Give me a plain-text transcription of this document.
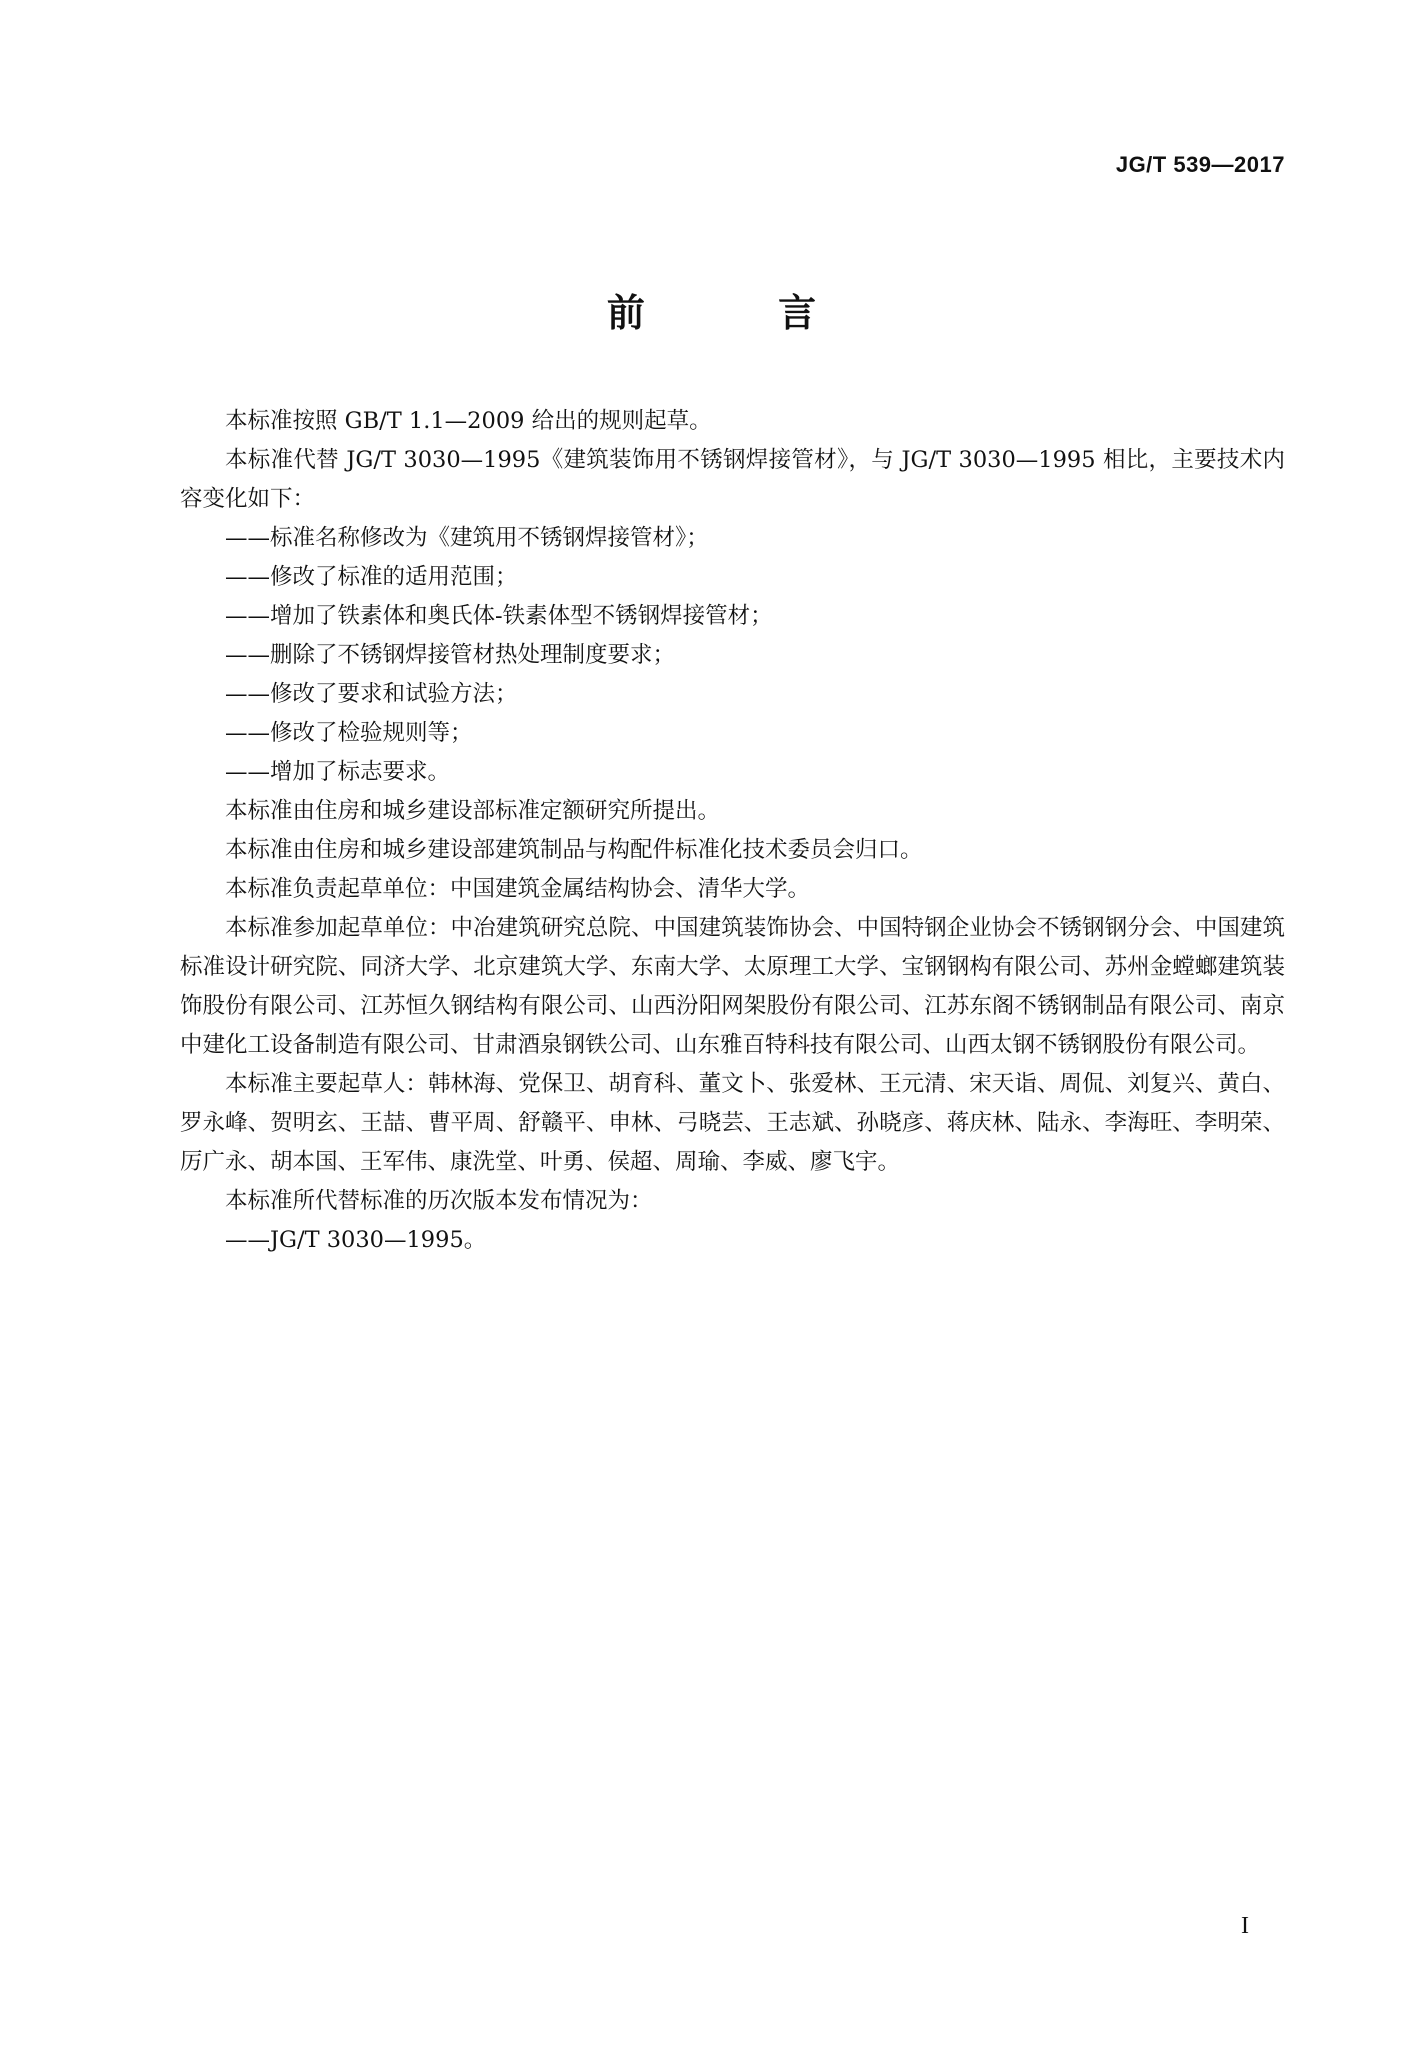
JG/T 539—2017
前 言

本标准按照 GB/T 1.1—2009 给出的规则起草。

本标准代替 JG/T 3030—1995《建筑装饰用不锈钢焊接管材》，与 JG/T 3030—1995 相比，主要技术内容变化如下：

——标准名称修改为《建筑用不锈钢焊接管材》；

——修改了标准的适用范围；

——增加了铁素体和奥氏体-铁素体型不锈钢焊接管材；

——删除了不锈钢焊接管材热处理制度要求；

——修改了要求和试验方法；

——修改了检验规则等；

——增加了标志要求。

本标准由住房和城乡建设部标准定额研究所提出。

本标准由住房和城乡建设部建筑制品与构配件标准化技术委员会归口。

本标准负责起草单位：中国建筑金属结构协会、清华大学。

本标准参加起草单位：中冶建筑研究总院、中国建筑装饰协会、中国特钢企业协会不锈钢钢分会、中国建筑标准设计研究院、同济大学、北京建筑大学、东南大学、太原理工大学、宝钢钢构有限公司、苏州金螳螂建筑装饰股份有限公司、江苏恒久钢结构有限公司、山西汾阳网架股份有限公司、江苏东阁不锈钢制品有限公司、南京中建化工设备制造有限公司、甘肃酒泉钢铁公司、山东雅百特科技有限公司、山西太钢不锈钢股份有限公司。

本标准主要起草人：韩林海、党保卫、胡育科、董文卜、张爱林、王元清、宋天诣、周侃、刘复兴、黄白、罗永峰、贺明玄、王喆、曹平周、舒赣平、申林、弓晓芸、王志斌、孙晓彦、蒋庆林、陆永、李海旺、李明荣、厉广永、胡本国、王军伟、康洗堂、叶勇、侯超、周瑜、李威、廖飞宇。

本标准所代替标准的历次版本发布情况为：

——JG/T 3030—1995。

I
